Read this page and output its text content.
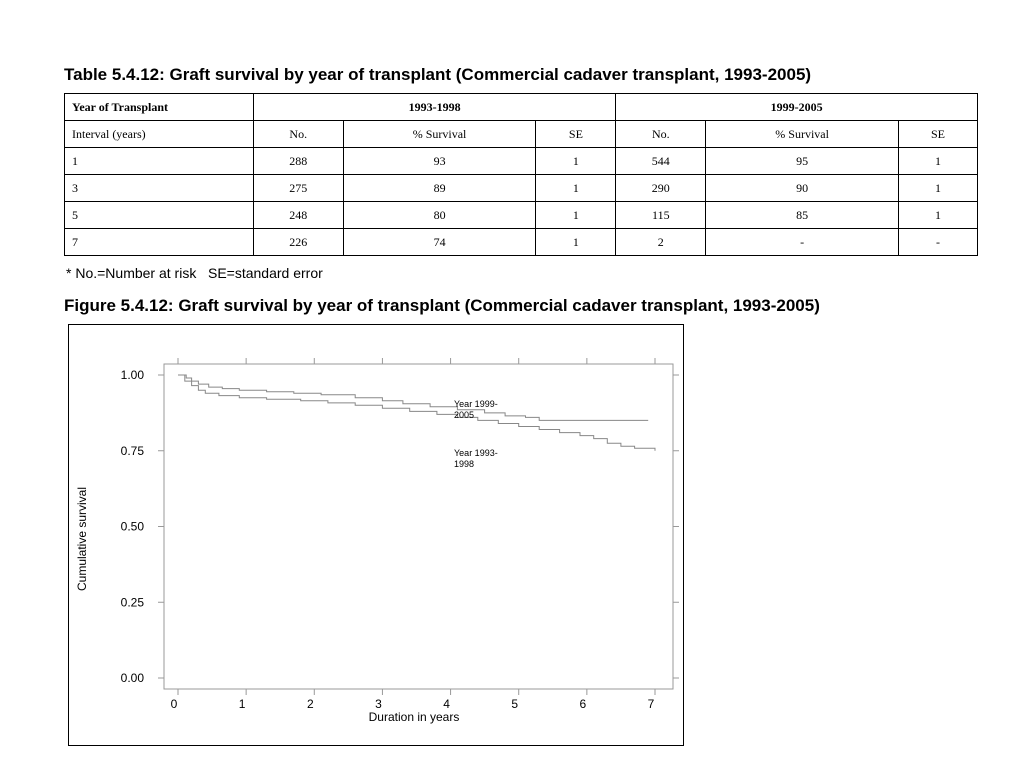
Table 5.4.12: Graft survival by year of transplant (Commercial cadaver transplant, 1993-2005)
Year of Transplant	1993-1998			1999-2005		
Interval (years)	No.	% Survival	SE	No.	% Survival	SE
1	288	93	1	544	95	1
3	275	89	1	290	90	1
5	248	80	1	115	85	1
7	226	74	1	2	-	-
* No.=Number at risk   SE=standard error
Figure 5.4.12: Graft survival by year of transplant (Commercial cadaver transplant, 1993-2005)
0.00
0.25
0.50
0.75
1.00
0	1	2	3	4	5	6	7
Year 1999-2005
Year 1993-1998
Cumulative survival
Duration in years
